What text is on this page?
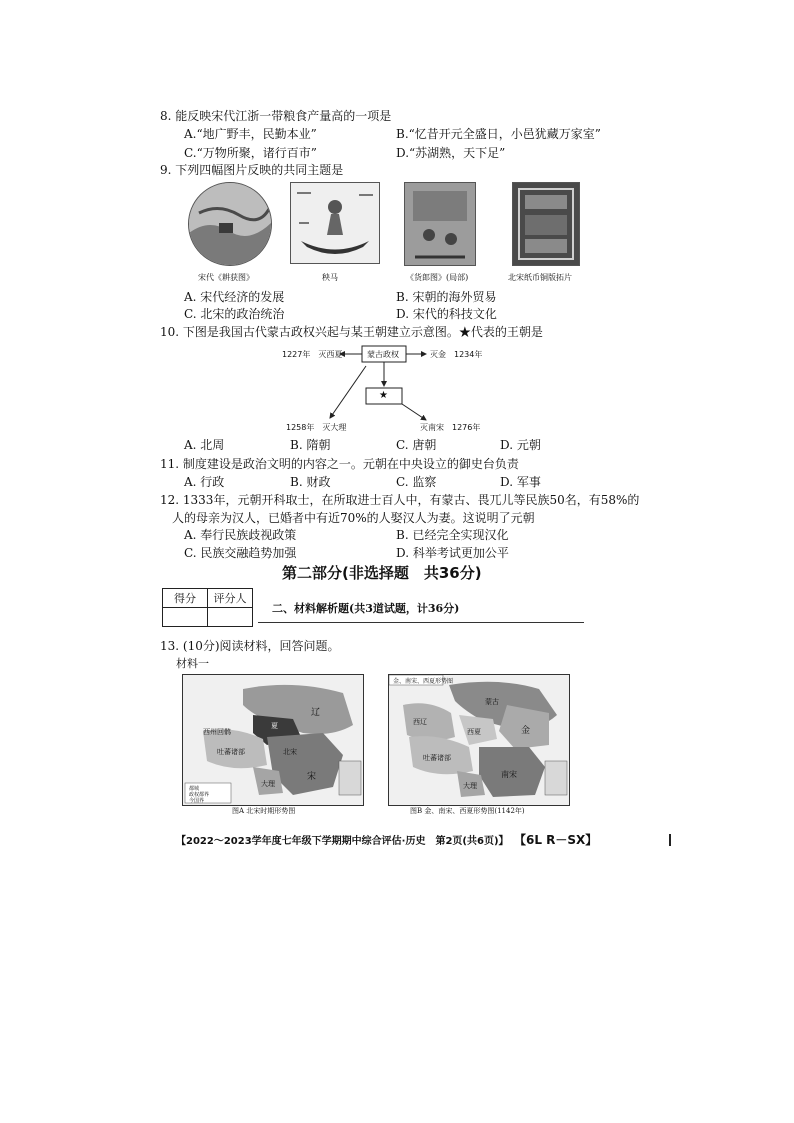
8. 能反映宋代江浙一带粮食产量高的一项是
A.“地广野丰，民勤本业”	B.“忆昔开元全盛日，小邑犹藏万家室”
C.“万物所聚，诸行百市”	D.“苏湖熟，天下足”
9. 下列四幅图片反映的共同主题是
宋代《耕获图》	秧马	《货郎图》(局部)	北宋纸币铜版拓片
A. 宋代经济的发展	B. 宋朝的海外贸易
C. 北宋的政治统治	D. 宋代的科技文化
10. 下图是我国古代蒙古政权兴起与某王朝建立示意图。★代表的王朝是
蒙古政权
★
1227年　灭西夏	灭金　1234年
1258年　灭大理	灭南宋　1276年
A. 北周	B. 隋朝	C. 唐朝	D. 元朝
11. 制度建设是政治文明的内容之一。元朝在中央设立的御史台负责
A. 行政	B. 财政	C. 监察	D. 军事
12. 1333年，元朝开科取士，在所取进士百人中，有蒙古、畏兀儿等民族50名，有58%的
人的母亲为汉人，已婚者中有近70%的人娶汉人为妻。这说明了元朝
A. 奉行民族歧视政策	B. 已经完全实现汉化
C. 民族交融趋势加强	D. 科举考试更加公平
第二部分(非选择题　共36分)
得分	评分人

二、材料解析题(共3道试题，计36分)
13. (10分)阅读材料，回答问题。
材料一
西州回鹘
辽
吐蕃诸部	北宋
夏
大理
宋
都城
政权都界
今国界
图A 北宋时期形势图
金、南宋、西夏形势图
蒙古
金
西夏
西辽
吐蕃诸部
南宋
大理
图B 金、南宋、西夏形势图(1142年)
【2022～2023学年度七年级下学期期中综合评估·历史　第2页(共6页)】 【6L R－SX】
